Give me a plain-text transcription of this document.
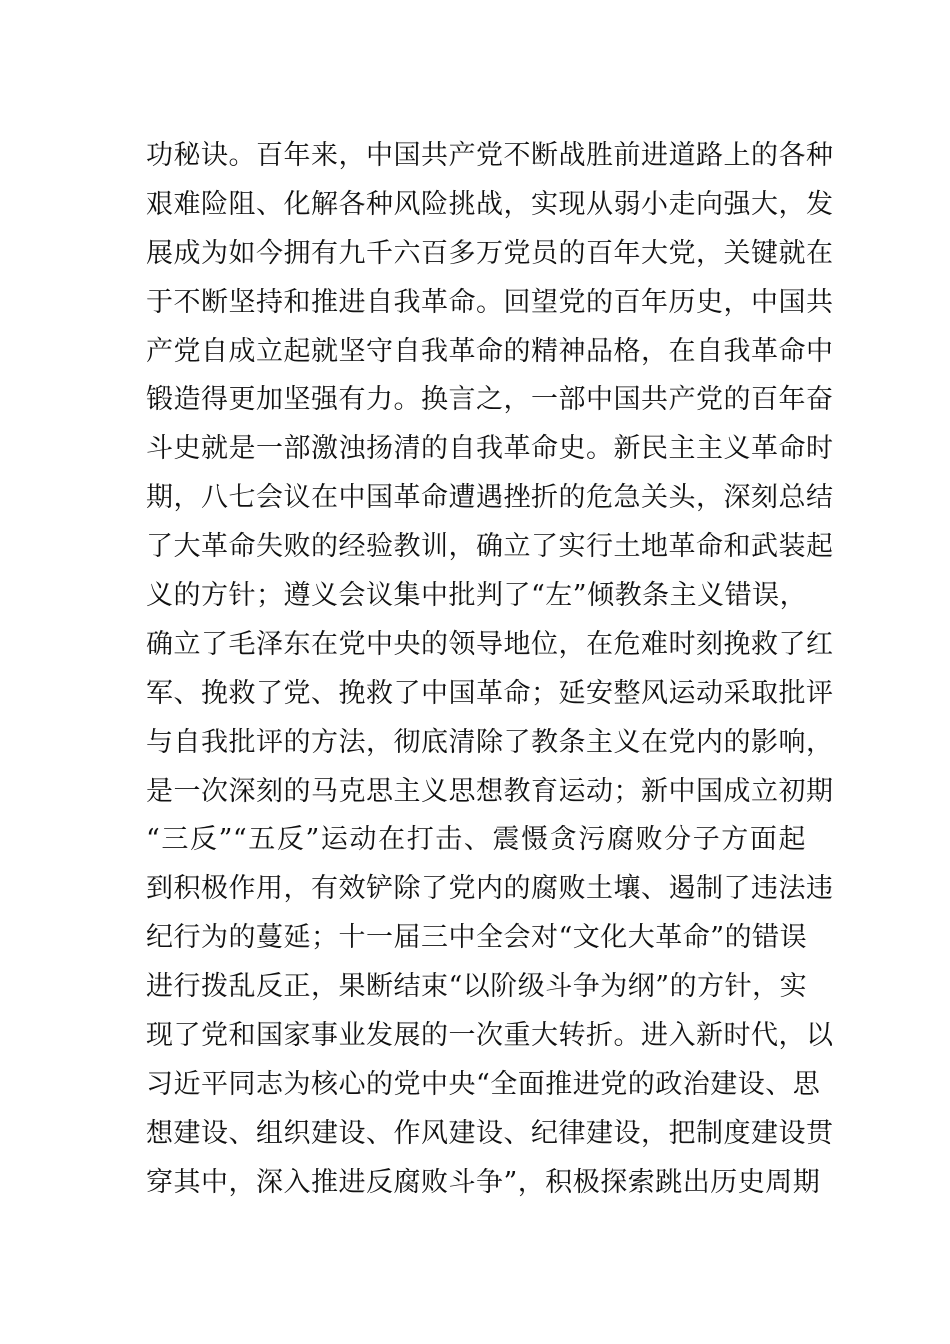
功秘诀。百年来，中国共产党不断战胜前进道路上的各种
艰难险阻、化解各种风险挑战，实现从弱小走向强大，发
展成为如今拥有九千六百多万党员的百年大党，关键就在
于不断坚持和推进自我革命。回望党的百年历史，中国共
产党自成立起就坚守自我革命的精神品格，在自我革命中
锻造得更加坚强有力。换言之，一部中国共产党的百年奋
斗史就是一部激浊扬清的自我革命史。新民主主义革命时
期，八七会议在中国革命遭遇挫折的危急关头，深刻总结
了大革命失败的经验教训，确立了实行土地革命和武装起
义的方针；遵义会议集中批判了“左”倾教条主义错误，
确立了毛泽东在党中央的领导地位，在危难时刻挽救了红
军、挽救了党、挽救了中国革命；延安整风运动采取批评
与自我批评的方法，彻底清除了教条主义在党内的影响，
是一次深刻的马克思主义思想教育运动；新中国成立初期
“三反”“五反”运动在打击、震慑贪污腐败分子方面起
到积极作用，有效铲除了党内的腐败土壤、遏制了违法违
纪行为的蔓延；十一届三中全会对“文化大革命”的错误
进行拨乱反正，果断结束“以阶级斗争为纲”的方针，实
现了党和国家事业发展的一次重大转折。进入新时代，以
习近平同志为核心的党中央“全面推进党的政治建设、思
想建设、组织建设、作风建设、纪律建设，把制度建设贯
穿其中，深入推进反腐败斗争”，积极探索跳出历史周期
